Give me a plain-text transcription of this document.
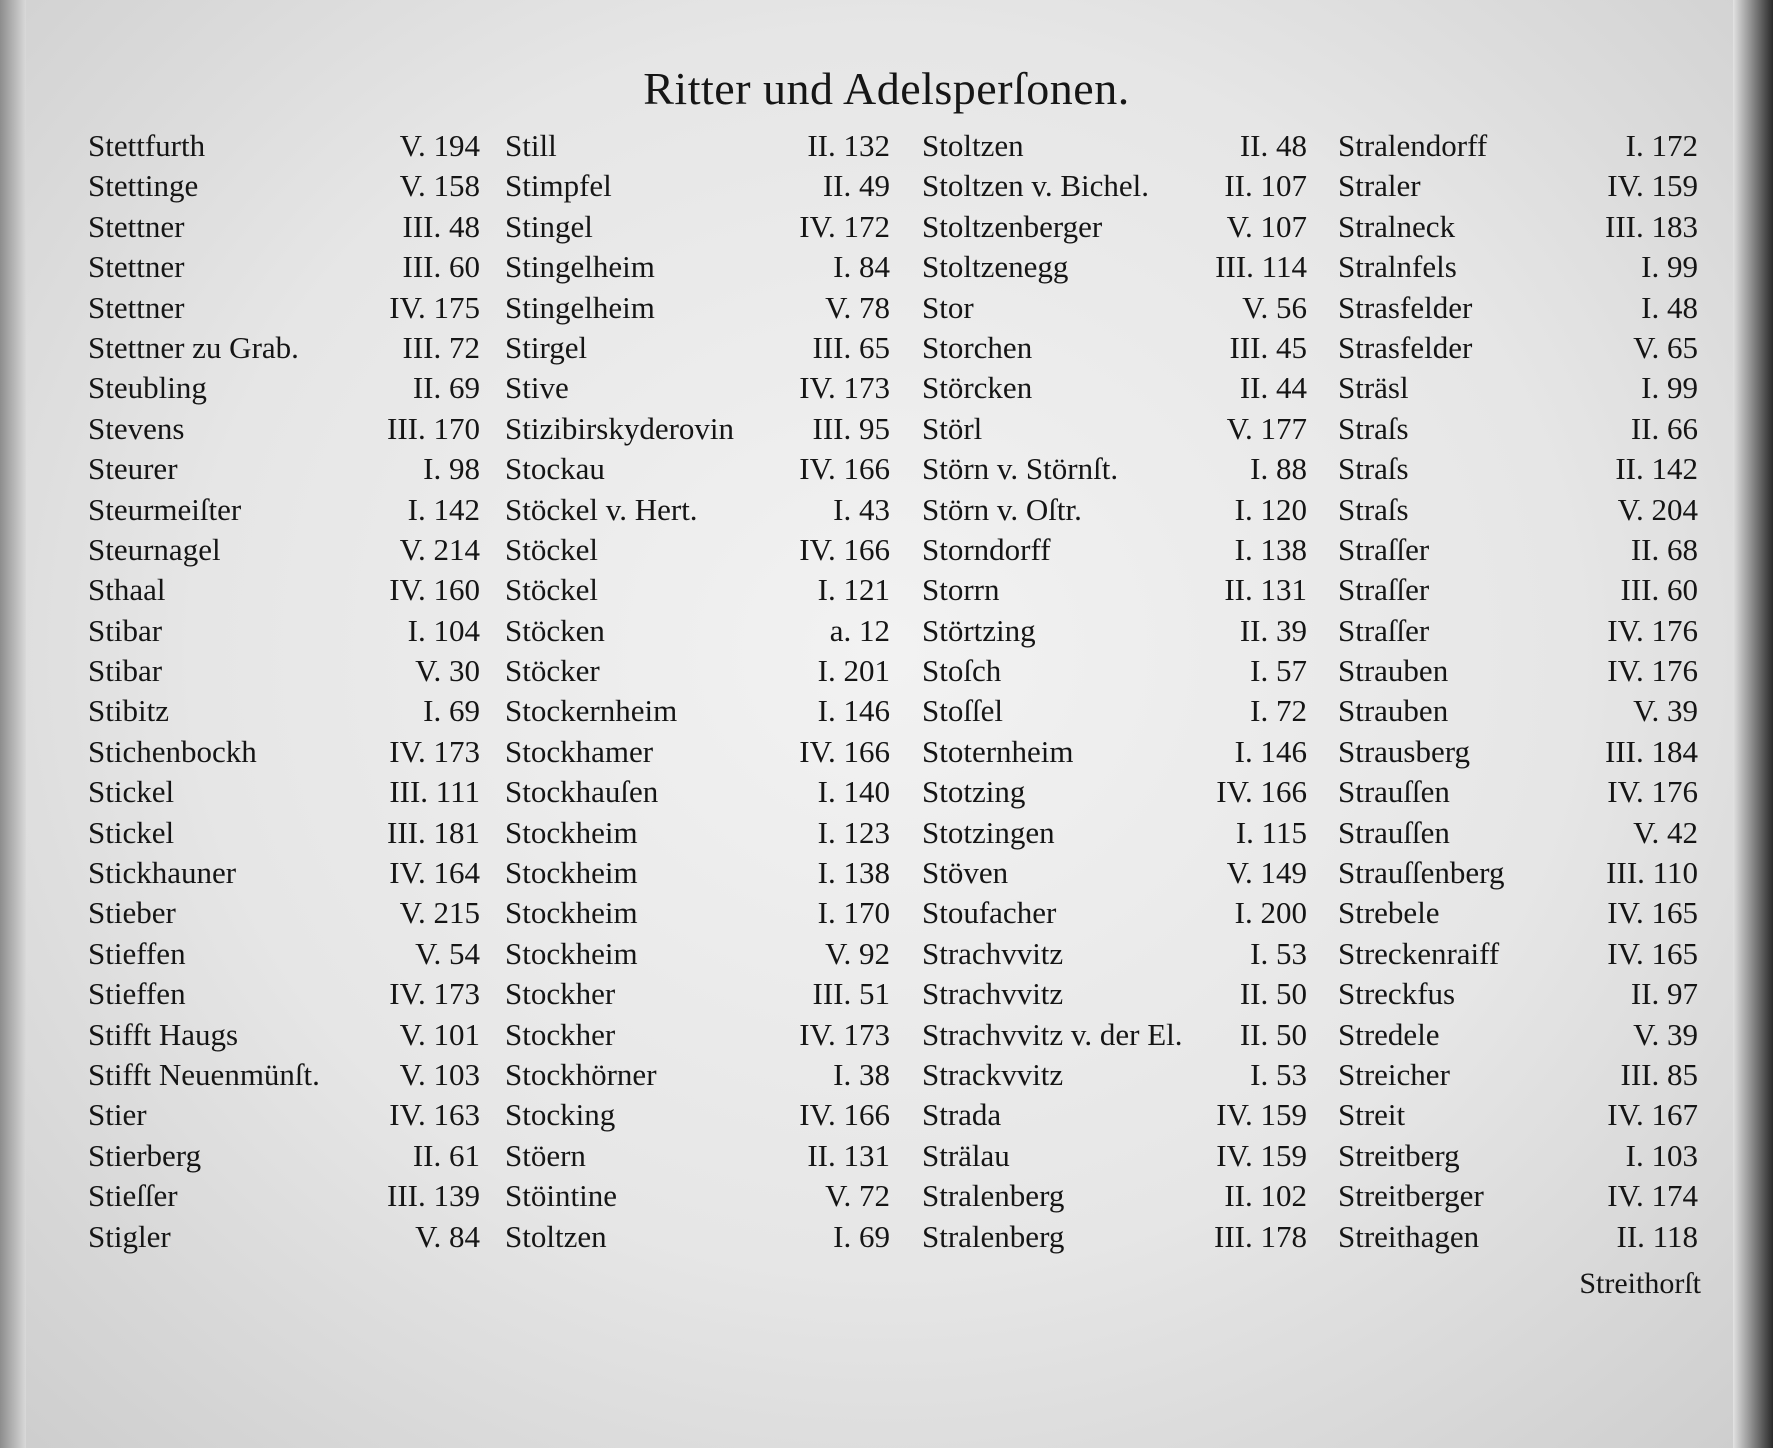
Ritter und Adelsperſonen.
Stettfurth	V. 194
Stettinge	V. 158
Stettner	III. 48
Stettner	III. 60
Stettner	IV. 175
Stettner zu Grab.	III. 72
Steubling	II. 69
Stevens	III. 170
Steurer	I. 98
Steurmeiſter	I. 142
Steurnagel	V. 214
Sthaal	IV. 160
Stibar	I. 104
Stibar	V. 30
Stibitz	I. 69
Stichenbockh	IV. 173
Stickel	III. 111
Stickel	III. 181
Stickhauner	IV. 164
Stieber	V. 215
Stieffen	V. 54
Stieffen	IV. 173
Stifft Haugs	V. 101
Stifft Neuenmünſt.	V. 103
Stier	IV. 163
Stierberg	II. 61
Stieſſer	III. 139
Stigler	V. 84
Still	II. 132
Stimpfel	II. 49
Stingel	IV. 172
Stingelheim	I. 84
Stingelheim	V. 78
Stirgel	III. 65
Stive	IV. 173
Stizibirskyderovin	III. 95
Stockau	IV. 166
Stöckel v. Hert.	I. 43
Stöckel	IV. 166
Stöckel	I. 121
Stöcken	a. 12
Stöcker	I. 201
Stockernheim	I. 146
Stockhamer	IV. 166
Stockhauſen	I. 140
Stockheim	I. 123
Stockheim	I. 138
Stockheim	I. 170
Stockheim	V. 92
Stockher	III. 51
Stockher	IV. 173
Stockhörner	I. 38
Stocking	IV. 166
Stöern	II. 131
Stöintine	V. 72
Stoltzen	I. 69
Stoltzen	II. 48
Stoltzen v. Bichel. II. 107
Stoltzenberger	V. 107
Stoltzenegg	III. 114
Stor	V. 56
Storchen	III. 45
Störcken	II. 44
Störl	V. 177
Störn v. Störnſt.	I. 88
Störn v. Oſtr.	I. 120
Storndorff	I. 138
Storrn	II. 131
Störtzing	II. 39
Stoſch	I. 57
Stoſſel	I. 72
Stoternheim	I. 146
Stotzing	IV. 166
Stotzingen	I. 115
Stöven	V. 149
Stoufacher	I. 200
Strachvvitz	I. 53
Strachvvitz	II. 50
Strachvvitz v. der El. II. 50
Strackvvitz	I. 53
Strada	IV. 159
Strälau	IV. 159
Stralenberg	II. 102
Stralenberg	III. 178
Stralendorff	I. 172
Straler	IV. 159
Stralneck	III. 183
Stralnfels	I. 99
Strasfelder	I. 48
Strasfelder	V. 65
Sträsl	I. 99
Straſs	II. 66
Straſs	II. 142
Straſs	V. 204
Straſſer	II. 68
Straſſer	III. 60
Straſſer	IV. 176
Strauben	IV. 176
Strauben	V. 39
Strausberg	III. 184
Strauſſen	IV. 176
Strauſſen	V. 42
Strauſſenberg	III. 110
Strebele	IV. 165
Streckenraiff	IV. 165
Streckfus	II. 97
Stredele	V. 39
Streicher	III. 85
Streit	IV. 167
Streitberg	I. 103
Streitberger	IV. 174
Streithagen	II. 118
Streithorſt
